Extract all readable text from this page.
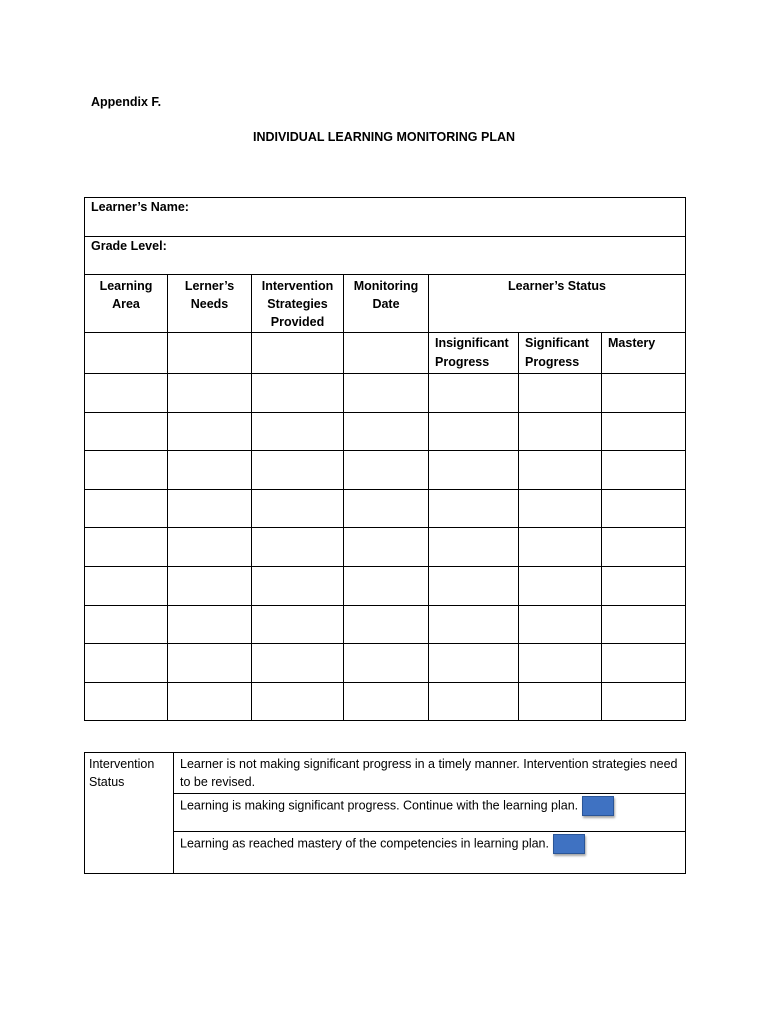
Appendix F.
INDIVIDUAL LEARNING MONITORING PLAN
Learner’s Name:						
Grade Level:						
Learning Area	Lerner’s Needs	Intervention Strategies Provided	Monitoring Date	Learner’s Status		
				Insignificant Progress	Significant Progress	Mastery

Intervention Status	Learner is not making significant progress in a timely manner. Intervention strategies need to be revised.
Learning is making significant progress. Continue with the learning plan.
Learning as reached mastery of the competencies in learning plan.
